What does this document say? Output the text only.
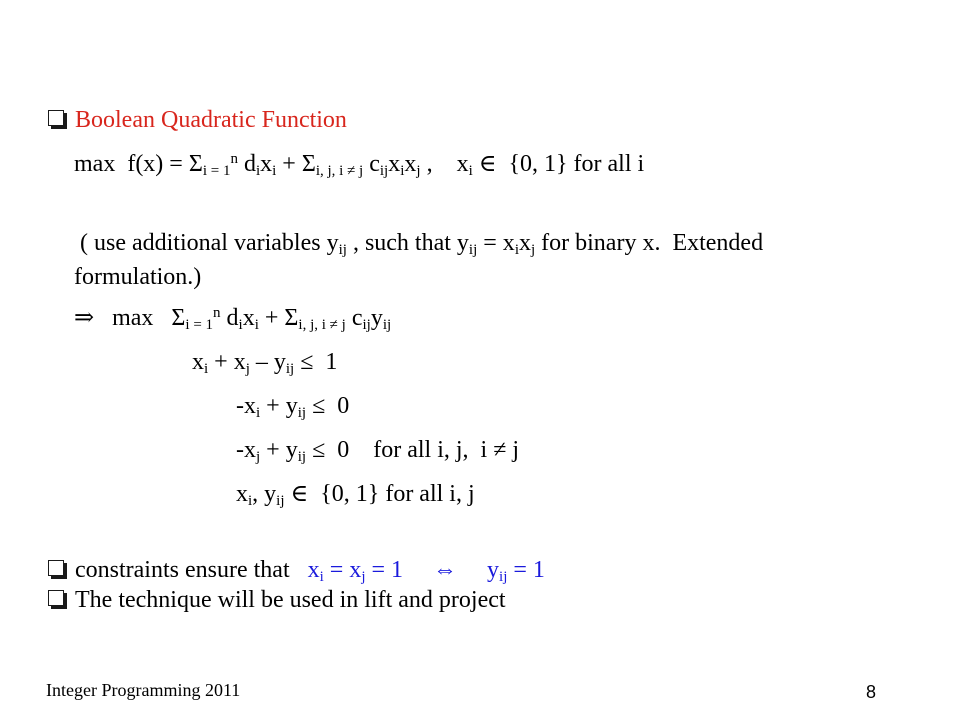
Boolean Quadratic Function
$\max f(x) = \Sigma_{i = 1}^n$ $d_ix_i + \Sigma_{i, j, i \ne j}$ $c_{ij}x_ix_j$ ,    $x_i$ ∈  {0, 1} for all i
( use additional variables $y_{ij}$ , such that $y_{ij} = x_ix_j$ for binary x.  Extended formulation.)
⇒   $\max \Sigma_{i = 1}^n$ $d_ix_i + \Sigma_{i, j, i \ne j}$ $c_{ij}y_{ij}$
$x_i + x_j - y_{ij} \le 1$
$-x_i + y_{ij} \le 0$
$-x_j + y_{ij} \le 0$    for all i, j,  i ≠ j
$x_i$, $y_{ij}$ ∈  {0, 1} for all i, j
constraints ensure that $x_i = x_j = 1$     ⇔     $y_{ij} = 1$
The technique will be used in lift and project
Integer Programming 2011	8
